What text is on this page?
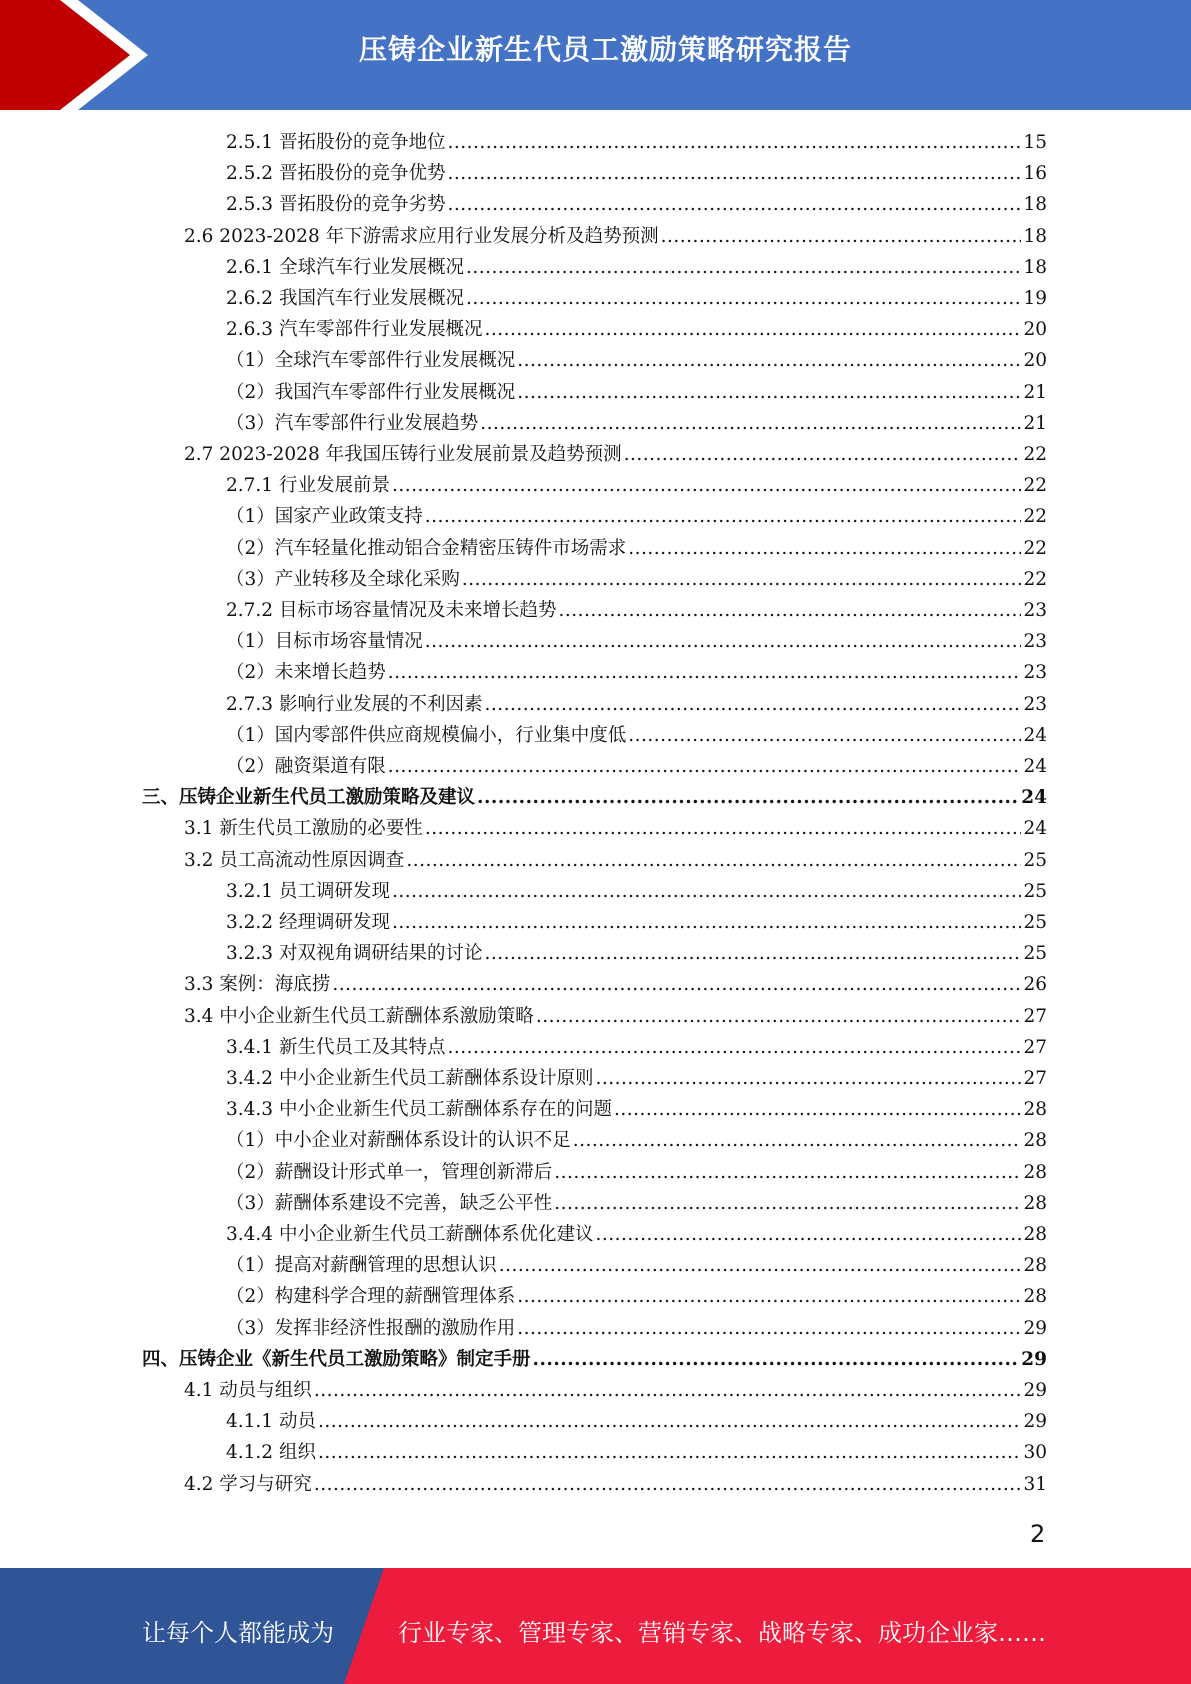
压铸企业新生代员工激励策略研究报告
2.5.1 晋拓股份的竞争地位 .....	15
2.5.2 晋拓股份的竞争优势 .....	16
2.5.3 晋拓股份的竞争劣势 .....	18
2.6 2023-2028 年下游需求应用行业发展分析及趋势预测 .....	18
2.6.1 全球汽车行业发展概况 .....	18
2.6.2 我国汽车行业发展概况 .....	19
2.6.3 汽车零部件行业发展概况 .....	20
（1）全球汽车零部件行业发展概况 .....	20
（2）我国汽车零部件行业发展概况 .....	21
（3）汽车零部件行业发展趋势 .....	21
2.7 2023-2028 年我国压铸行业发展前景及趋势预测 .....	22
2.7.1 行业发展前景 .....	22
（1）国家产业政策支持 .....	22
（2）汽车轻量化推动铝合金精密压铸件市场需求 .....	22
（3）产业转移及全球化采购 .....	22
2.7.2 目标市场容量情况及未来增长趋势 .....	23
（1）目标市场容量情况 .....	23
（2）未来增长趋势 .....	23
2.7.3 影响行业发展的不利因素 .....	23
（1）国内零部件供应商规模偏小，行业集中度低 .....	24
（2）融资渠道有限 .....	24
三、压铸企业新生代员工激励策略及建议 .....	24
3.1 新生代员工激励的必要性 .....	24
3.2 员工高流动性原因调查 .....	25
3.2.1 员工调研发现 .....	25
3.2.2 经理调研发现 .....	25
3.2.3 对双视角调研结果的讨论 .....	25
3.3 案例：海底捞 .....	26
3.4 中小企业新生代员工薪酬体系激励策略 .....	27
3.4.1 新生代员工及其特点 .....	27
3.4.2 中小企业新生代员工薪酬体系设计原则 .....	27
3.4.3 中小企业新生代员工薪酬体系存在的问题 .....	28
（1）中小企业对薪酬体系设计的认识不足 .....	28
（2）薪酬设计形式单一，管理创新滞后 .....	28
（3）薪酬体系建设不完善，缺乏公平性 .....	28
3.4.4 中小企业新生代员工薪酬体系优化建议 .....	28
（1）提高对薪酬管理的思想认识 .....	28
（2）构建科学合理的薪酬管理体系 .....	28
（3）发挥非经济性报酬的激励作用 .....	29
四、压铸企业《新生代员工激励策略》制定手册 .....	29
4.1 动员与组织 .....	29
4.1.1 动员 .....	29
4.1.2 组织 .....	30
4.2 学习与研究 .....	31
2
让每个人都能成为	行业专家、管理专家、营销专家、战略专家、成功企业家……
